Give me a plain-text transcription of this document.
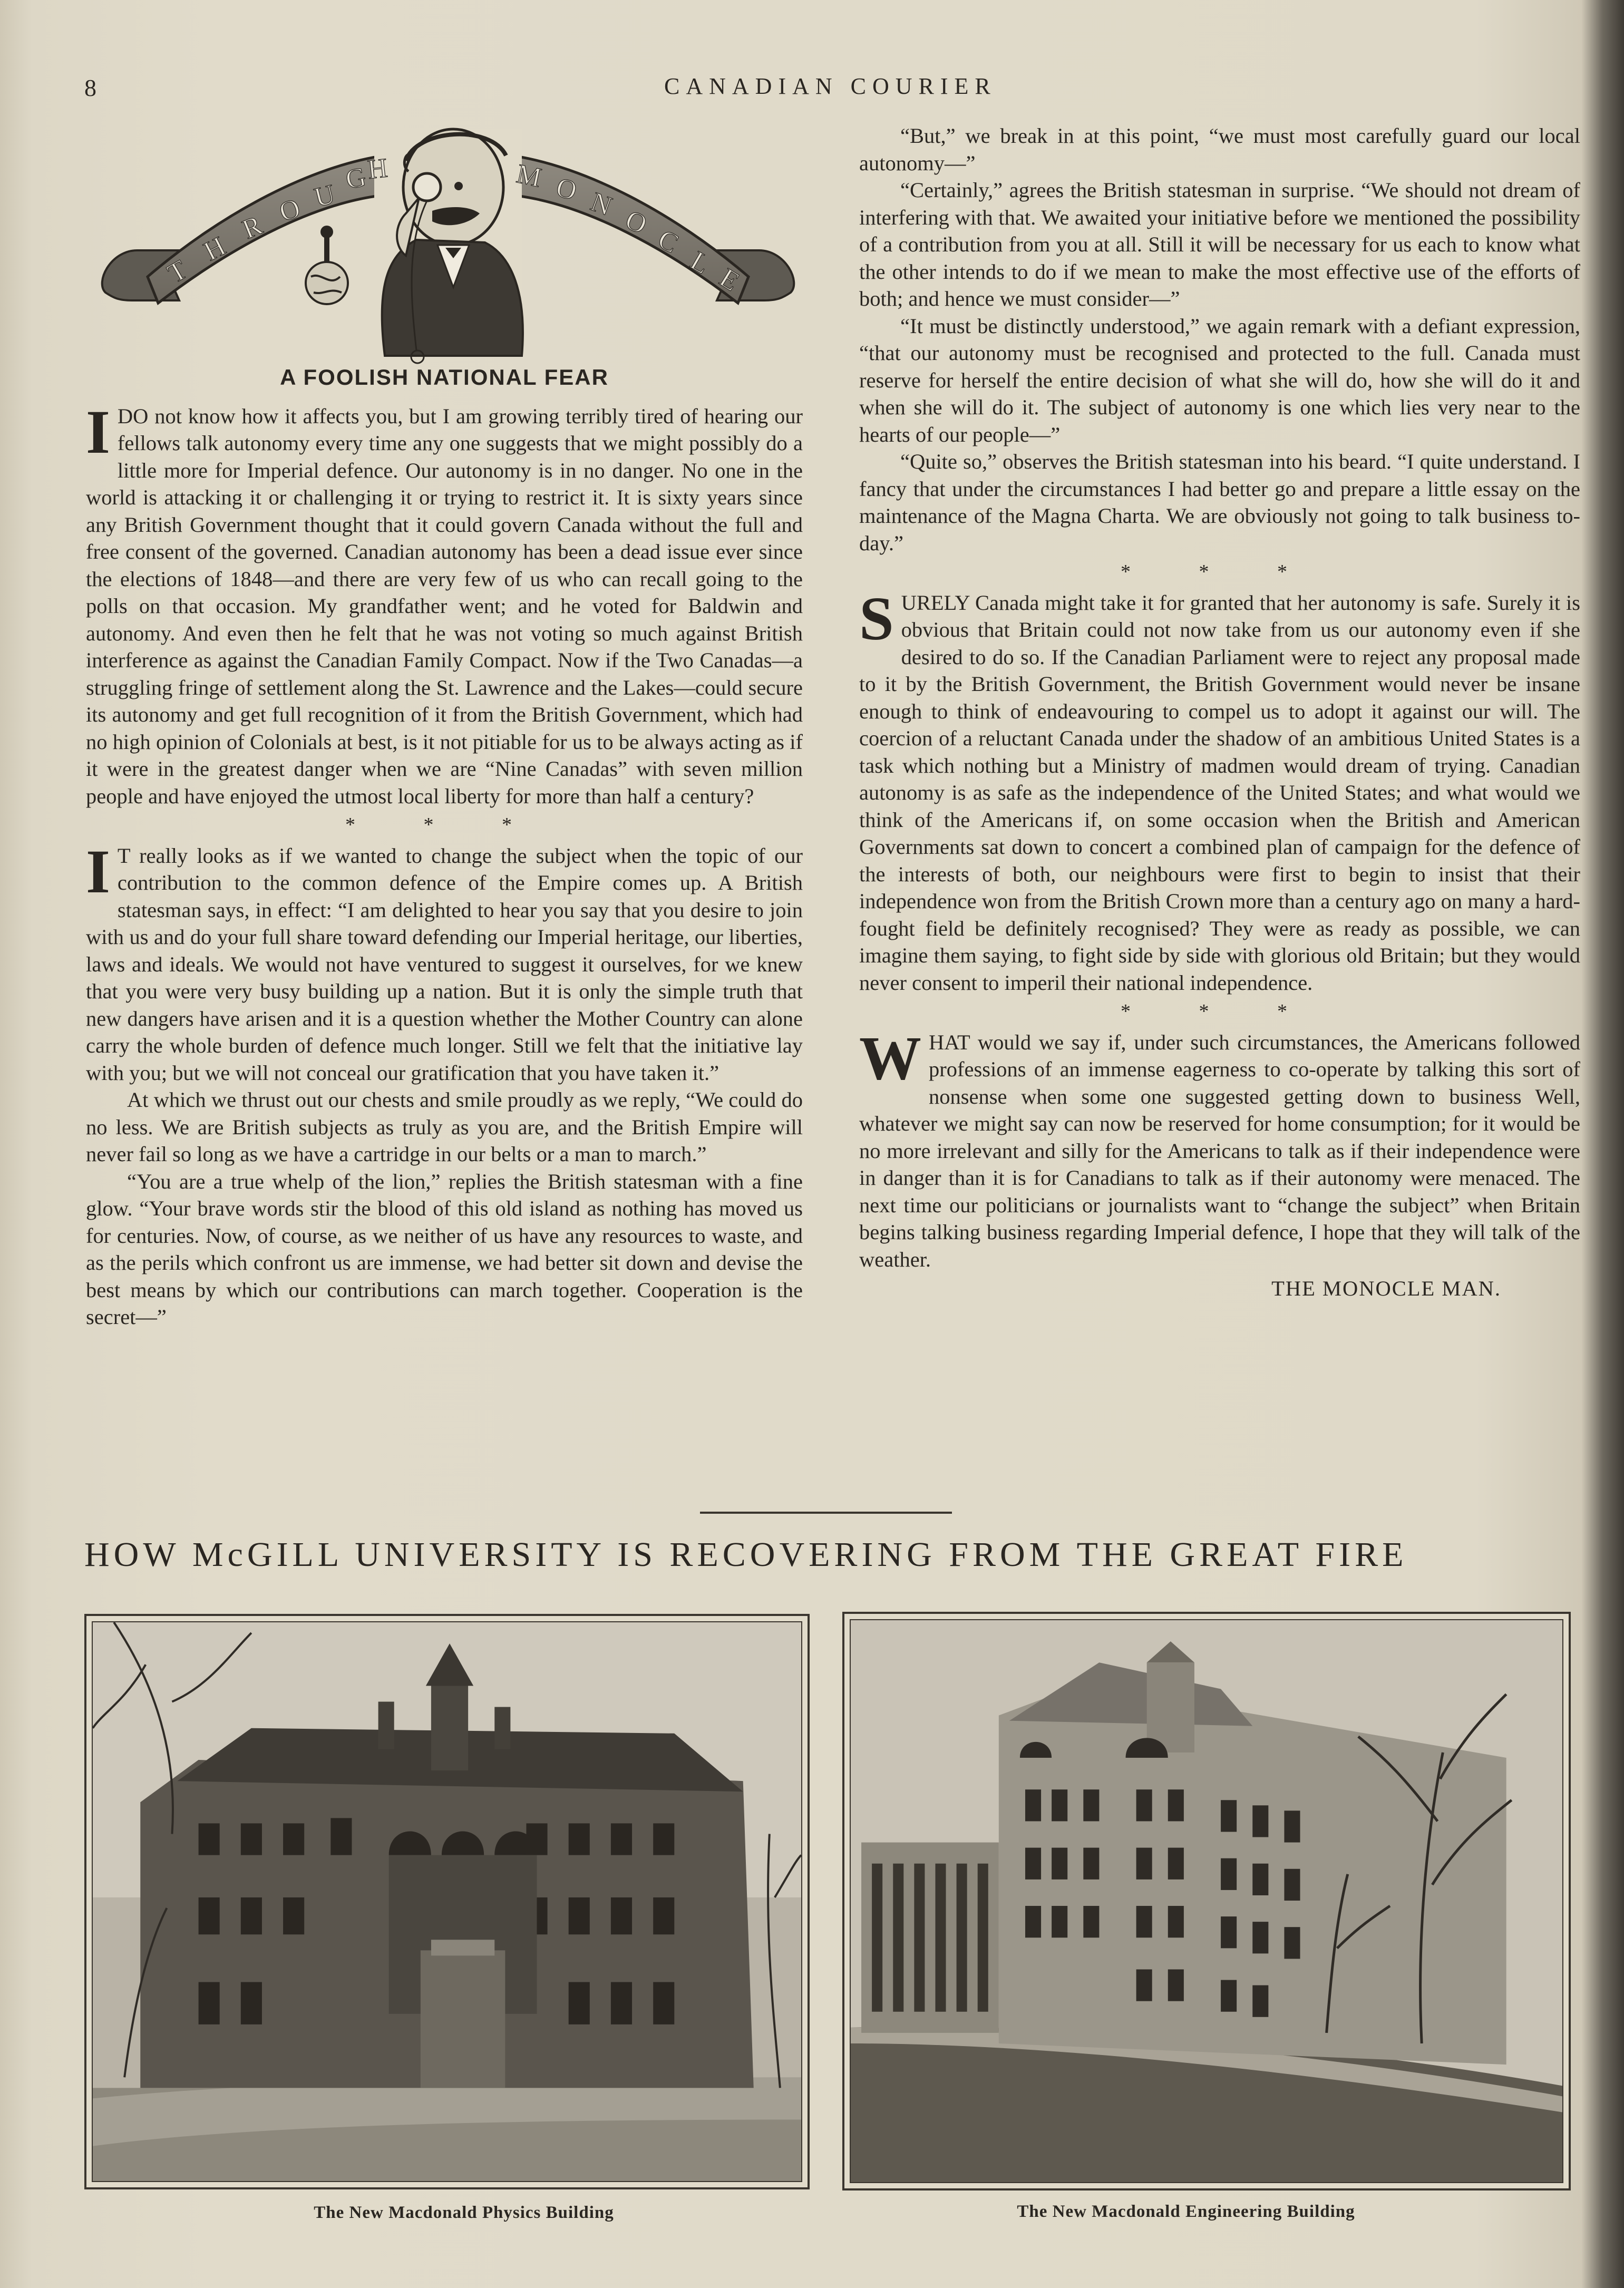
8	CANADIAN COURIER
T
H
R O U
G
H	M O N
O
C
L
E
A FOOLISH NATIONAL FEAR

IDO not know how it affects you, but I am growing terribly tired of hearing our fellows talk autonomy every time any one suggests that we might possibly do a little more for Imperial defence. Our autonomy is in no danger. No one in the world is attacking it or challenging it or trying to restrict it. It is sixty years since any British Government thought that it could govern Canada without the full and free consent of the governed. Canadian autonomy has been a dead issue ever since the elections of 1848—and there are very few of us who can recall going to the polls on that occasion. My grandfather went; and he voted for Baldwin and autonomy. And even then he felt that he was not voting so much against British interference as against the Canadian Family Compact. Now if the Two Canadas—a struggling fringe of settlement along the St. Lawrence and the Lakes—could secure its autonomy and get full recognition of it from the British Government, which had no high opinion of Colonials at best, is it not pitiable for us to be always acting as if it were in the greatest danger when we are “Nine Canadas” with seven million people and have enjoyed the utmost local liberty for more than half a century?

* * *

I T really looks as if we wanted to change the subject when the topic of our contribution to the common defence of the Empire comes up. A British statesman says, in effect: “I am delighted to hear you say that you desire to join with us and do your full share toward defending our Imperial heritage, our liberties, laws and ideals. We would not have ventured to suggest it ourselves, for we knew that you were very busy building up a nation. But it is only the simple truth that new dangers have arisen and it is a question whether the Mother Country can alone carry the whole burden of defence much longer. Still we felt that the initiative lay with you; but we will not conceal our gratification that you have taken it.”

At which we thrust out our chests and smile proudly as we reply, “We could do no less. We are British subjects as truly as you are, and the British Empire will never fail so long as we have a cartridge in our belts or a man to march.”

“You are a true whelp of the lion,” replies the British statesman with a fine glow. “Your brave words stir the blood of this old island as nothing has moved us for centuries. Now, of course, as we neither of us have any resources to waste, and as the perils which confront us are immense, we had better sit down and devise the best means by which our contributions can march together. Cooperation is the secret—”

“But,” we break in at this point, “we must most carefully guard our local autonomy—”

“Certainly,” agrees the British statesman in surprise. “We should not dream of interfering with that. We awaited your initiative before we mentioned the possibility of a contribution from you at all. Still it will be necessary for us each to know what the other intends to do if we mean to make the most effective use of the efforts of both; and hence we must consider—”

“It must be distinctly understood,” we again remark with a defiant expression, “that our autonomy must be recognised and protected to the full. Canada must reserve for herself the entire decision of what she will do, how she will do it and when she will do it. The subject of autonomy is one which lies very near to the hearts of our people—”

“Quite so,” observes the British statesman into his beard. “I quite understand. I fancy that under the circumstances I had better go and prepare a little essay on the maintenance of the Magna Charta. We are obviously not going to talk business to-day.”

* * *

SURELY Canada might take it for granted that her autonomy is safe. Surely it is obvious that Britain could not now take from us our autonomy even if she desired to do so. If the Canadian Parliament were to reject any proposal made to it by the British Government, the British Government would never be insane enough to think of endeavouring to compel us to adopt it against our will. The coercion of a reluctant Canada under the shadow of an ambitious United States is a task which nothing but a Ministry of madmen would dream of trying. Canadian autonomy is as safe as the independence of the United States; and what would we think of the Americans if, on some occasion when the British and American Governments sat down to concert a combined plan of campaign for the defence of the interests of both, our neighbours were first to begin to insist that their independence won from the British Crown more than a century ago on many a hard-fought field be definitely recognised? They were as ready as possible, we can imagine them saying, to fight side by side with glorious old Britain; but they would never consent to imperil their national independence.

* * *

WHAT would we say if, under such circumstances, the Americans followed professions of an immense eagerness to co-operate by talking this sort of nonsense when some one suggested getting down to business Well, whatever we might say can now be reserved for home consumption; for it would be no more irrelevant and silly for the Americans to talk as if their independence were in danger than it is for Canadians to talk as if their autonomy were menaced. The next time our politicians or journalists want to “change the subject” when Britain begins talking business regarding Imperial defence, I hope that they will talk of the weather.

THE MONOCLE MAN.
HOW McGILL UNIVERSITY IS RECOVERING FROM THE GREAT FIRE
The New Macdonald Physics Building	The New Macdonald Engineering Building
